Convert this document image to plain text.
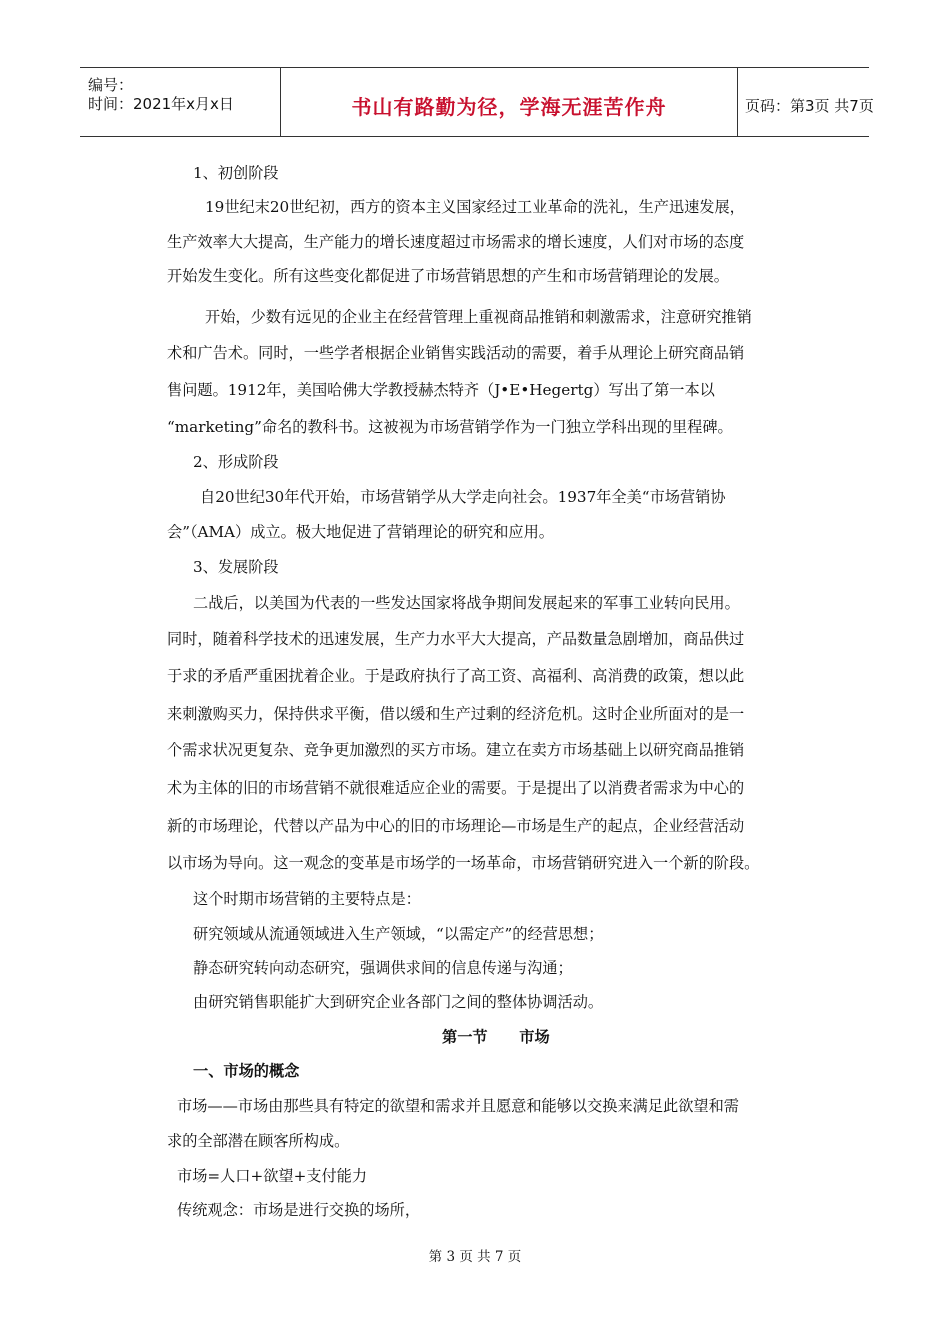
编号：
时间：2021年x月x日	书山有路勤为径，学海无涯苦作舟	页码：第3页 共7页
1、初创阶段
19世纪末20世纪初，西方的资本主义国家经过工业革命的洗礼，生产迅速发展，
生产效率大大提高，生产能力的增长速度超过市场需求的增长速度，人们对市场的态度
开始发生变化。所有这些变化都促进了市场营销思想的产生和市场营销理论的发展。
开始，少数有远见的企业主在经营管理上重视商品推销和刺激需求，注意研究推销
术和广告术。同时，一些学者根据企业销售实践活动的需要，着手从理论上研究商品销
售问题。1912年，美国哈佛大学教授赫杰特齐（J•E•Hegertg）写出了第一本以
“marketing”命名的教科书。这被视为市场营销学作为一门独立学科出现的里程碑。
2、形成阶段
自20世纪30年代开始，市场营销学从大学走向社会。1937年全美“市场营销协
会”（AMA）成立。极大地促进了营销理论的研究和应用。
3、发展阶段
二战后，以美国为代表的一些发达国家将战争期间发展起来的军事工业转向民用。
同时，随着科学技术的迅速发展，生产力水平大大提高，产品数量急剧增加，商品供过
于求的矛盾严重困扰着企业。于是政府执行了高工资、高福利、高消费的政策，想以此
来刺激购买力，保持供求平衡，借以缓和生产过剩的经济危机。这时企业所面对的是一
个需求状况更复杂、竞争更加激烈的买方市场。建立在卖方市场基础上以研究商品推销
术为主体的旧的市场营销不就很难适应企业的需要。于是提出了以消费者需求为中心的
新的市场理论，代替以产品为中心的旧的市场理论—市场是生产的起点，企业经营活动
以市场为导向。这一观念的变革是市场学的一场革命，市场营销研究进入一个新的阶段。
这个时期市场营销的主要特点是：
研究领域从流通领域进入生产领域，“以需定产”的经营思想；
静态研究转向动态研究，强调供求间的信息传递与沟通；
由研究销售职能扩大到研究企业各部门之间的整体协调活动。
第一节      市场
一、市场的概念
市场——市场由那些具有特定的欲望和需求并且愿意和能够以交换来满足此欲望和需
求的全部潜在顾客所构成。
市场=人口+欲望+支付能力
传统观念：市场是进行交换的场所，
第 3 页 共 7 页
